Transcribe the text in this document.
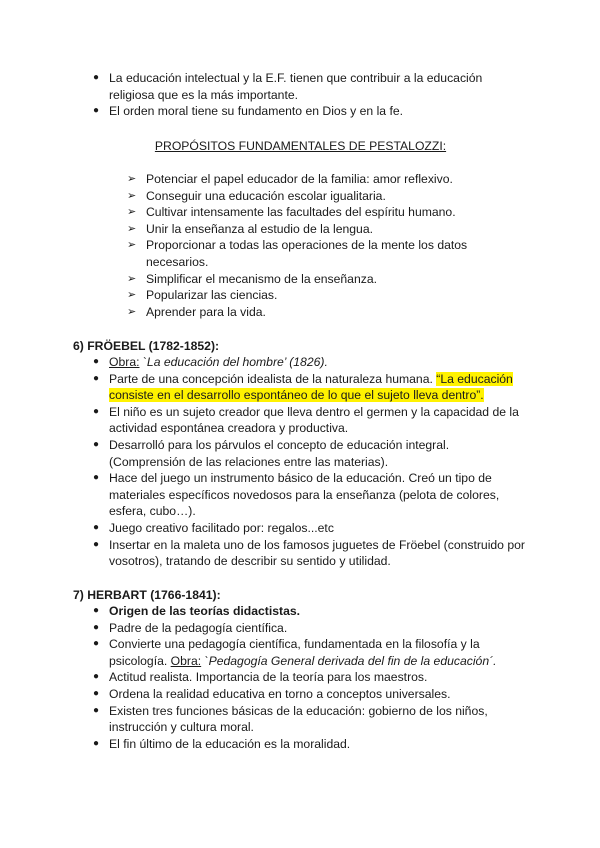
● La educación intelectual y la E.F. tienen que contribuir a la educación religiosa que es la más importante.
● El orden moral tiene su fundamento en Dios y en la fe.
PROPÓSITOS FUNDAMENTALES DE PESTALOZZI:
➢ Potenciar el papel educador de la familia: amor reflexivo.
➢ Conseguir una educación escolar igualitaria.
➢ Cultivar intensamente las facultades del espíritu humano.
➢ Unir la enseñanza al estudio de la lengua.
➢ Proporcionar a todas las operaciones de la mente los datos necesarios.
➢ Simplificar el mecanismo de la enseñanza.
➢ Popularizar las ciencias.
➢ Aprender para la vida.
6) FRÖEBEL (1782-1852):
● Obra: `La educación del hombre’ (1826).
● Parte de una concepción idealista de la naturaleza humana. “La educación consiste en el desarrollo espontáneo de lo que el sujeto lleva dentro”.
● El niño es un sujeto creador que lleva dentro el germen y la capacidad de la actividad espontánea creadora y productiva.
● Desarrolló para los párvulos el concepto de educación integral. (Comprensión de las relaciones entre las materias).
● Hace del juego un instrumento básico de la educación. Creó un tipo de materiales específicos novedosos para la enseñanza (pelota de colores, esfera, cubo…).
● Juego creativo facilitado por: regalos...etc
● Insertar en la maleta uno de los famosos juguetes de Fröebel (construido por vosotros), tratando de describir su sentido y utilidad.
7) HERBART (1766-1841):
● Origen de las teorías didactistas.
● Padre de la pedagogía científica.
● Convierte una pedagogía científica, fundamentada en la filosofía y la psicología. Obra: `Pedagogía General derivada del fin de la educación´.
● Actitud realista. Importancia de la teoría para los maestros.
● Ordena la realidad educativa en torno a conceptos universales.
● Existen tres funciones básicas de la educación: gobierno de los niños, instrucción y cultura moral.
● El fin último de la educación es la moralidad.
